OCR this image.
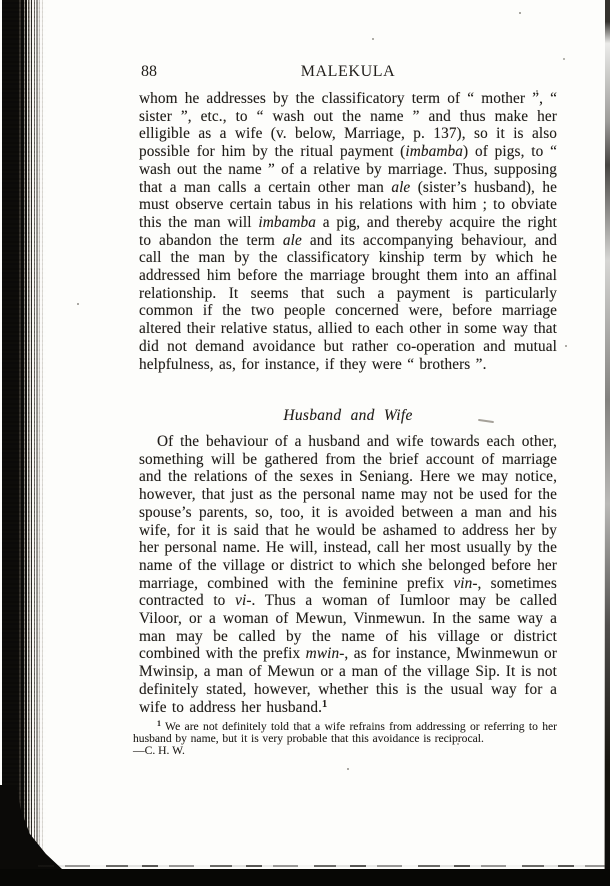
88	MALEKULA

whom he addresses by the classificatory term of “ mother ”, “ sister ”, etc., to “ wash out the name ” and thus make her elligible as a wife (v. below, Marriage, p. 137), so it is also possible for him by the ritual payment (imbamba) of pigs, to “ wash out the name ” of a relative by marriage. Thus, supposing that a man calls a certain other man ale (sister’s husband), he must observe certain tabus in his relations with him ; to obviate this the man will imbamba a pig, and thereby acquire the right to abandon the term ale and its accompanying behaviour, and call the man by the classificatory kinship term by which he addressed him before the marriage brought them into an affinal relationship. It seems that such a payment is particularly common if the two people concerned were, before marriage altered their relative status, allied to each other in some way that did not demand avoidance but rather co-operation and mutual helpfulness, as, for instance, if they were “ brothers ”.

Husband and Wife

Of the behaviour of a husband and wife towards each other, something will be gathered from the brief account of marriage and the relations of the sexes in Seniang. Here we may notice, however, that just as the personal name may not be used for the spouse’s parents, so, too, it is avoided between a man and his wife, for it is said that he would be ashamed to address her by her personal name. He will, instead, call her most usually by the name of the village or district to which she belonged before her marriage, combined with the feminine prefix vin-, sometimes contracted to vi-. Thus a woman of Iumloor may be called Viloor, or a woman of Mewun, Vinmewun. In the same way a man may be called by the name of his village or district combined with the prefix mwin-, as for instance, Mwinmewun or Mwinsip, a man of Mewun or a man of the village Sip. It is not definitely stated, however, whether this is the usual way for a wife to address her husband.$^1$

$^1$ We are not definitely told that a wife refrains from addressing or referring to her husband by name, but it is very probable that this avoidance is reciprocal.

—C. H. W.
